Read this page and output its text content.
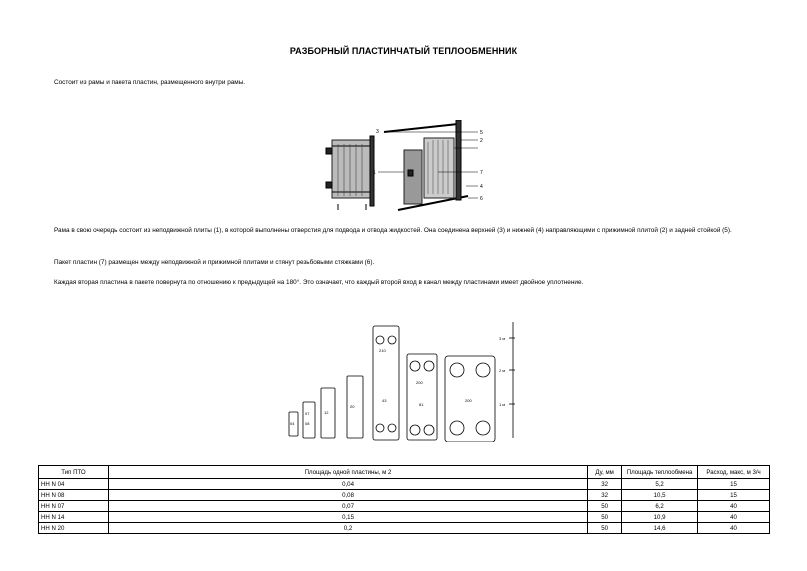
РАЗБОРНЫЙ ПЛАСТИНЧАТЫЙ ТЕПЛООБМЕННИК
Состоит из рамы и пакета пластин, размещенного внутри рамы.
3	5
2
7
1
4
6
Рама в свою очередь состоит из неподвижной плиты (1), в которой выполнены отверстия для подвода и отвода жидкостей. Она соединена верхней (3) и нижней (4) направляющими с прижимной плитой (2) и задней стойкой (5).
Пакет пластин (7) размещен между неподвижной и прижимной плитами и стянут резьбовыми стяжками (6).
Каждая вторая пластина в пакете повернута по отношению к предыдущей на 180°. Это означает, что каждый второй вход в канал между пластинами имеет двойное уплотнение.
04
07
08
12
20
210
43
200
81
200
3 м
2 м
1 м
Тип ПТО	Площадь одной пластины, м 2	Ду, мм	Площадь теплообмена	Расход, макс, м 3/ч
НН N 04	0,04	32	5,2	15
НН N 08	0,08	32	10,5	15
НН N 07	0,07	50	6,2	40
НН N 14	0,15	50	10,9	40
НН N 20	0,2	50	14,6	40
